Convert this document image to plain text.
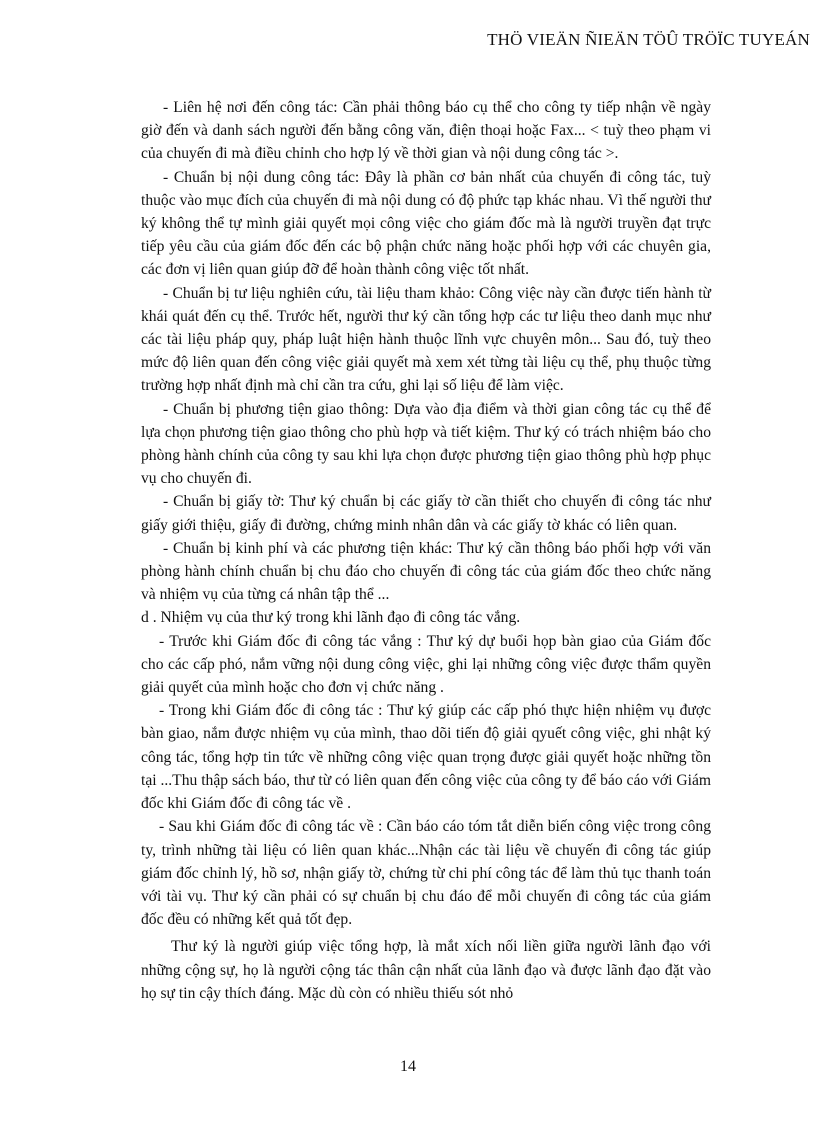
THÖ VIEÄN ÑIEÄN TÖÛ TRÖÏC TUYEÁN

- Liên hệ nơi đến công tác: Cần phải thông báo cụ thể cho công ty tiếp nhận về ngày giờ đến và danh sách người đến bằng công văn, điện thoại hoặc Fax... < tuỳ theo phạm vi của chuyến đi mà điều chỉnh cho hợp lý về thời gian và nội dung công tác >.

- Chuẩn bị nội dung công tác: Đây là phần cơ bản nhất của chuyến đi công tác, tuỳ thuộc vào mục đích của chuyến đi mà nội dung có độ phức tạp khác nhau. Vì thế người thư ký không thể tự mình giải quyết mọi công việc cho giám đốc mà là người truyền đạt trực tiếp yêu cầu của giám đốc đến các bộ phận chức năng hoặc phối hợp với các chuyên gia, các đơn vị liên quan giúp đỡ để hoàn thành công việc tốt nhất.

- Chuẩn bị tư liệu nghiên cứu, tài liệu tham khảo: Công việc này cần được tiến hành từ khái quát đến cụ thể. Trước hết, người thư ký cần tổng hợp các tư liệu theo danh mục như các tài liệu pháp quy, pháp luật hiện hành thuộc lĩnh vực chuyên môn... Sau đó, tuỳ theo mức độ liên quan đến công việc giải quyết mà xem xét từng tài liệu cụ thể, phụ thuộc từng trường hợp nhất định mà chỉ cần tra cứu, ghi lại số liệu để làm việc.

- Chuẩn bị phương tiện giao thông: Dựa vào địa điểm và thời gian công tác cụ thể để lựa chọn phương tiện giao thông cho phù hợp và tiết kiệm. Thư ký có trách nhiệm báo cho phòng hành chính của công ty sau khi lựa chọn được phương tiện giao thông phù hợp phục vụ cho chuyến đi.

- Chuẩn bị giấy tờ: Thư ký chuẩn bị các giấy tờ cần thiết cho chuyến đi công tác như giấy giới thiệu, giấy đi đường, chứng minh nhân dân và các giấy tờ khác có liên quan.

- Chuẩn bị kinh phí và các phương tiện khác: Thư ký cần thông báo phối hợp với văn phòng hành chính chuẩn bị chu đáo cho chuyến đi công tác của giám đốc theo chức năng và nhiệm vụ của từng cá nhân tập thể ...

d . Nhiệm vụ của thư ký trong khi lãnh đạo đi công tác vắng.

- Trước khi Giám đốc đi công tác vắng : Thư ký dự buổi họp bàn giao của Giám đốc cho các cấp phó, nắm vững nội dung công việc, ghi lại những công việc được thẩm quyền giải quyết của mình hoặc cho đơn vị chức năng .

- Trong khi Giám đốc đi công tác : Thư ký giúp các cấp phó thực hiện nhiệm vụ được bàn giao, nắm được nhiệm vụ của mình, thao dõi tiến độ giải qyuết công việc, ghi nhật ký công tác, tổng hợp tin tức về những công việc quan trọng được giải quyết hoặc những tồn tại ...Thu thập sách báo, thư từ có liên quan đến công việc của công ty để báo cáo với Giám đốc khi Giám đốc đi công tác về .

- Sau khi Giám đốc đi công tác về : Cần báo cáo tóm tắt diễn biến công việc trong công ty, trình những tài liệu có liên quan khác...Nhận các tài liệu về chuyến đi công tác giúp giám đốc chỉnh lý, hồ sơ, nhận giấy tờ, chứng từ chi phí công tác để làm thủ tục thanh toán với tài vụ. Thư ký cần phải có sự chuẩn bị chu đáo để mỗi chuyến đi công tác của giám đốc đều có những kết quả tốt đẹp.

Thư ký là người giúp việc tổng hợp, là mắt xích nối liền giữa người lãnh đạo với những cộng sự, họ là người cộng tác thân cận nhất của lãnh đạo và được lãnh đạo đặt vào họ sự tin cậy thích đáng. Mặc dù còn có nhiều thiếu sót nhỏ

14
